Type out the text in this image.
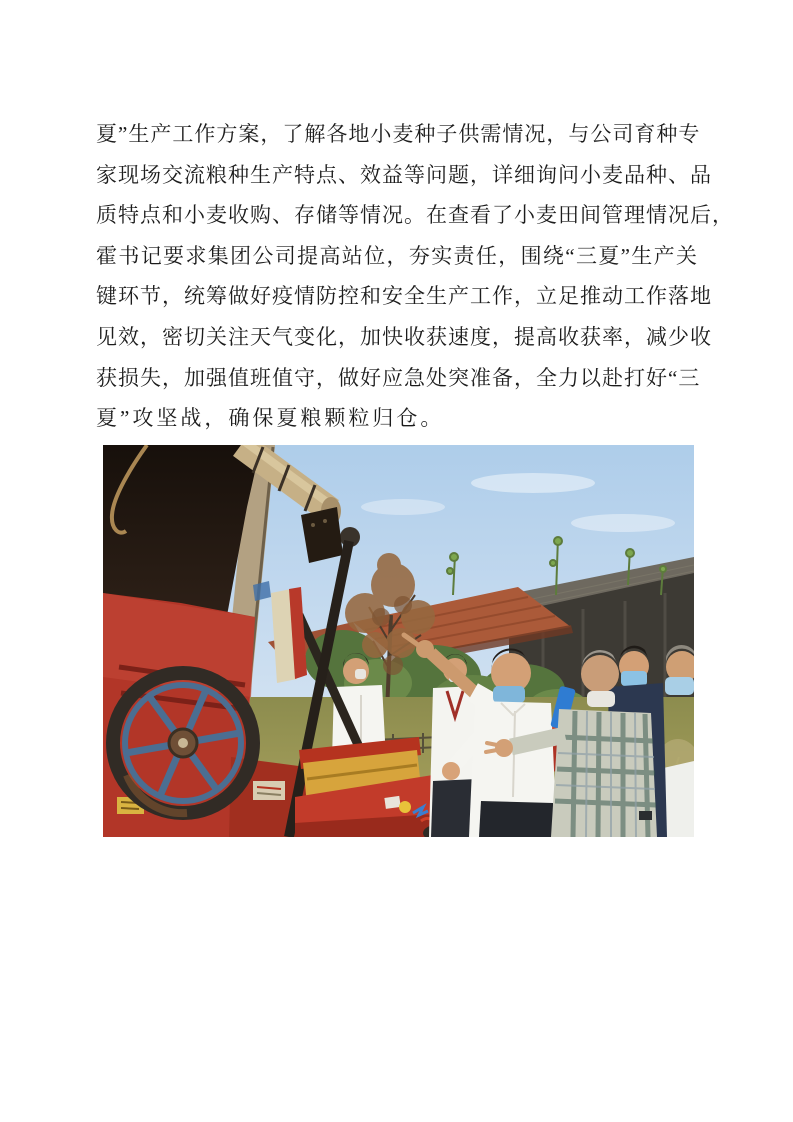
夏”生产工作方案，了解各地小麦种子供需情况，与公司育种专
家现场交流粮种生产特点、效益等问题，详细询问小麦品种、品
质特点和小麦收购、存储等情况。在查看了小麦田间管理情况后，
霍书记要求集团公司提高站位，夯实责任，围绕“三夏”生产关
键环节，统筹做好疫情防控和安全生产工作，立足推动工作落地
见效，密切关注天气变化，加快收获速度，提高收获率，减少收
获损失，加强值班值守，做好应急处突准备，全力以赴打好“三
夏”攻坚战，确保夏粮颗粒归仓。
